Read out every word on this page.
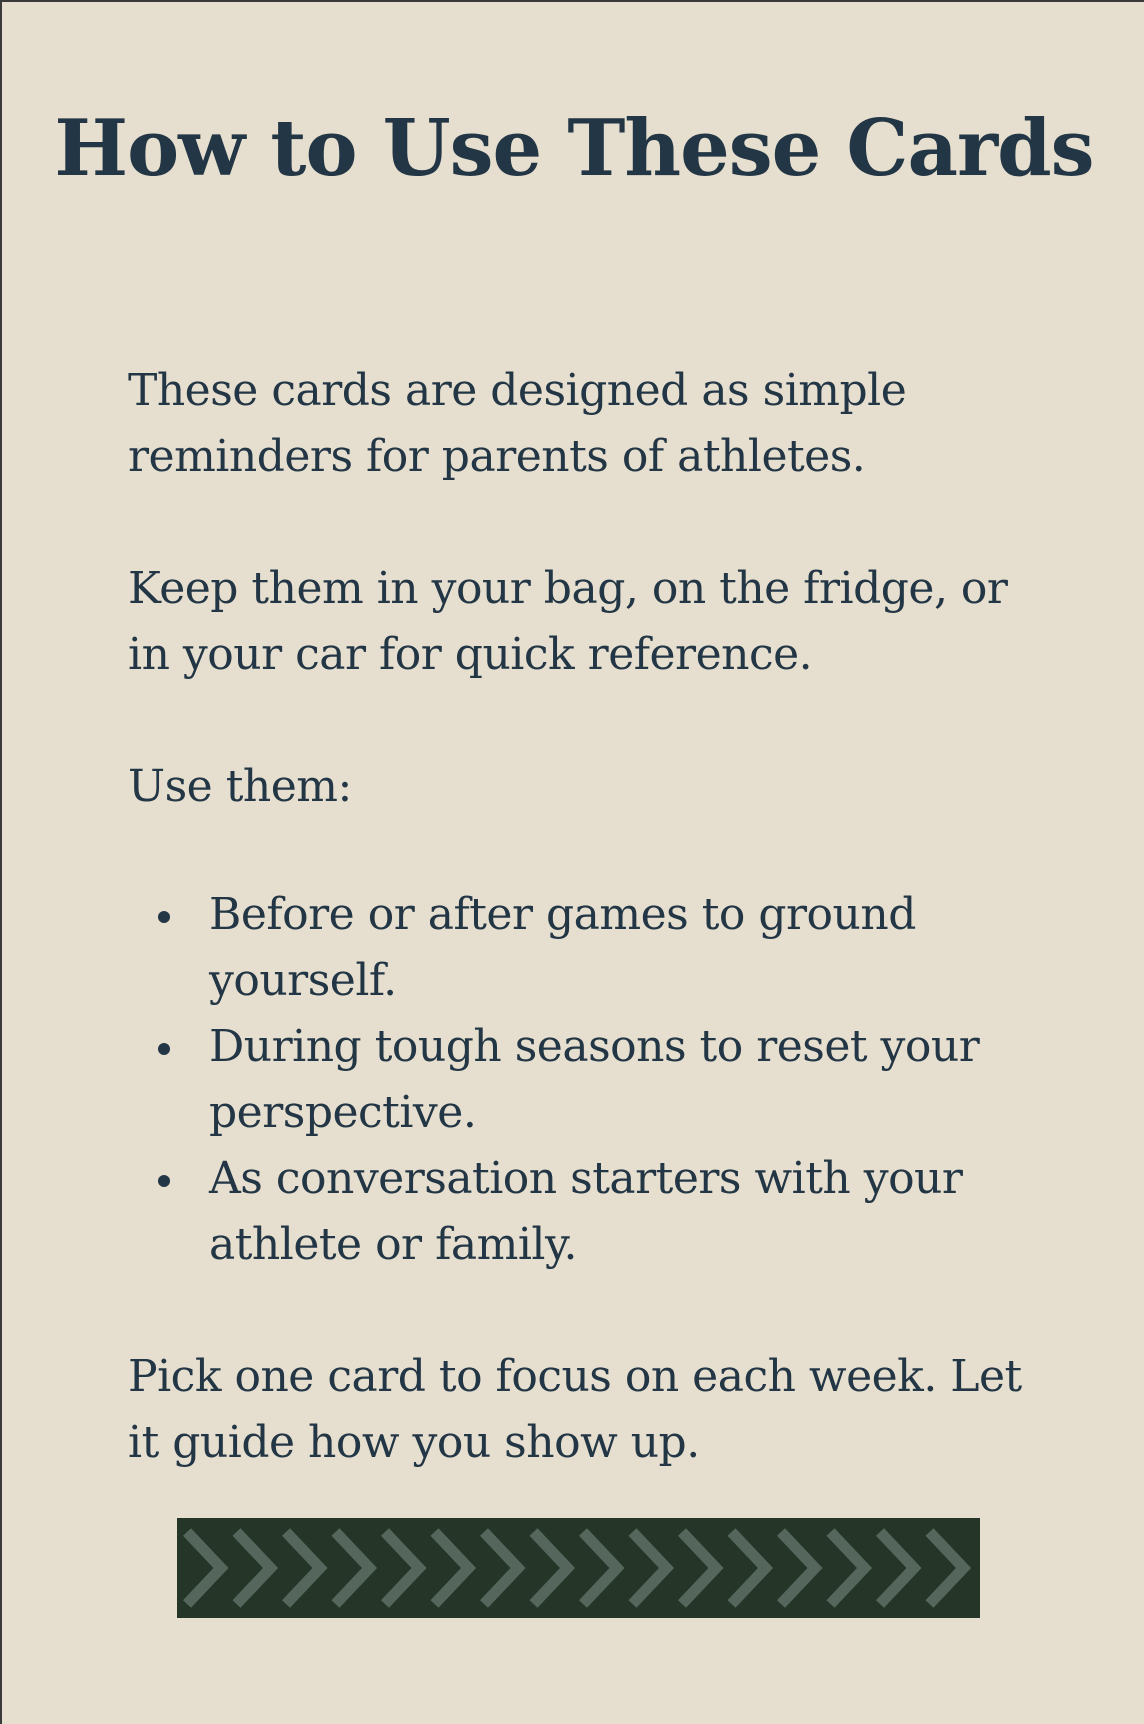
How to Use These Cards

These cards are designed as simple reminders for parents of athletes.

Keep them in your bag, on the fridge, or in your car for quick reference.

Use them:

Before or after games to ground yourself.
During tough seasons to reset your perspective.
As conversation starters with your athlete or family.

Pick one card to focus on each week. Let it guide how you show up.
